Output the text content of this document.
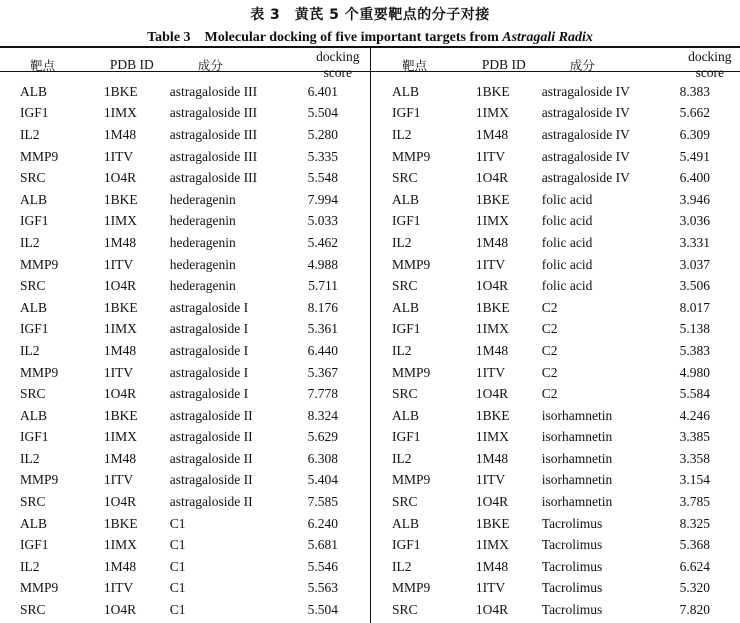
表 3　黄芪 5 个重要靶点的分子对接
Table 3　Molecular docking of five important targets from Astragali Radix
靶点	PDB ID	成分	docking score
ALB	1BKE	astragaloside III	6.401
IGF1	1IMX	astragaloside III	5.504
IL2	1M48	astragaloside III	5.280
MMP9	1ITV	astragaloside III	5.335
SRC	1O4R	astragaloside III	5.548
ALB	1BKE	hederagenin	7.994
IGF1	1IMX	hederagenin	5.033
IL2	1M48	hederagenin	5.462
MMP9	1ITV	hederagenin	4.988
SRC	1O4R	hederagenin	5.711
ALB	1BKE	astragaloside I	8.176
IGF1	1IMX	astragaloside I	5.361
IL2	1M48	astragaloside I	6.440
MMP9	1ITV	astragaloside I	5.367
SRC	1O4R	astragaloside I	7.778
ALB	1BKE	astragaloside II	8.324
IGF1	1IMX	astragaloside II	5.629
IL2	1M48	astragaloside II	6.308
MMP9	1ITV	astragaloside II	5.404
SRC	1O4R	astragaloside II	7.585
ALB	1BKE	C1	6.240
IGF1	1IMX	C1	5.681
IL2	1M48	C1	5.546
MMP9	1ITV	C1	5.563
SRC	1O4R	C1	5.504
靶点	PDB ID	成分	docking score
ALB	1BKE	astragaloside IV	8.383
IGF1	1IMX	astragaloside IV	5.662
IL2	1M48	astragaloside IV	6.309
MMP9	1ITV	astragaloside IV	5.491
SRC	1O4R	astragaloside IV	6.400
ALB	1BKE	folic acid	3.946
IGF1	1IMX	folic acid	3.036
IL2	1M48	folic acid	3.331
MMP9	1ITV	folic acid	3.037
SRC	1O4R	folic acid	3.506
ALB	1BKE	C2	8.017
IGF1	1IMX	C2	5.138
IL2	1M48	C2	5.383
MMP9	1ITV	C2	4.980
SRC	1O4R	C2	5.584
ALB	1BKE	isorhamnetin	4.246
IGF1	1IMX	isorhamnetin	3.385
IL2	1M48	isorhamnetin	3.358
MMP9	1ITV	isorhamnetin	3.154
SRC	1O4R	isorhamnetin	3.785
ALB	1BKE	Tacrolimus	8.325
IGF1	1IMX	Tacrolimus	5.368
IL2	1M48	Tacrolimus	6.624
MMP9	1ITV	Tacrolimus	5.320
SRC	1O4R	Tacrolimus	7.820
